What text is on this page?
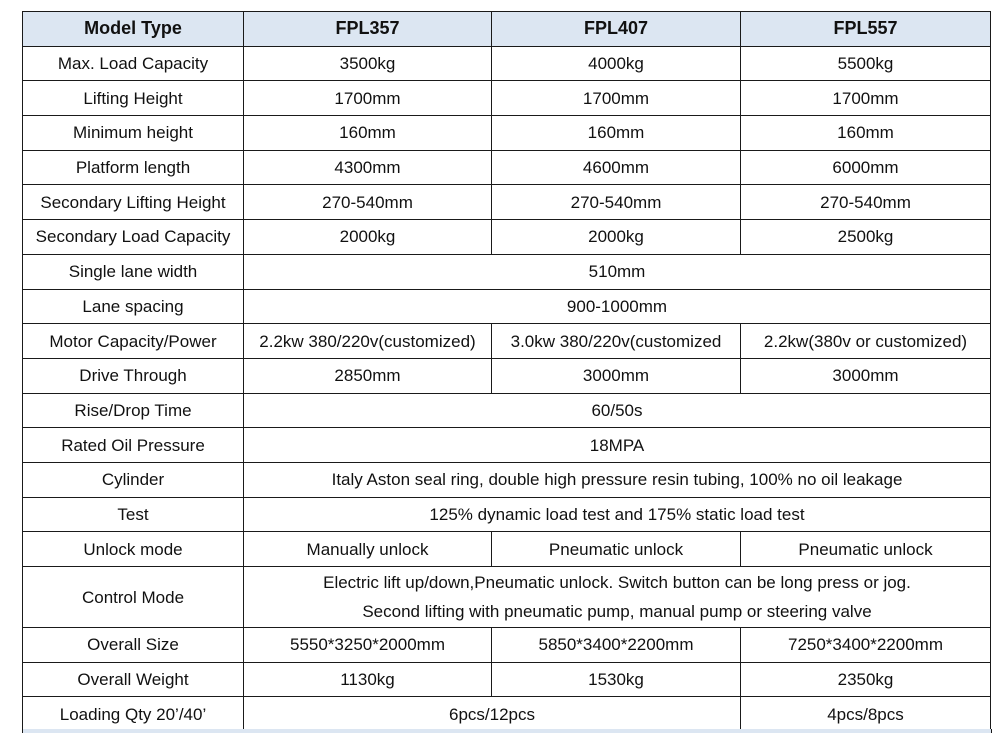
Model Type	FPL357	FPL407	FPL557
Max. Load Capacity	3500kg	4000kg	5500kg
Lifting Height	1700mm	1700mm	1700mm
Minimum height	160mm	160mm	160mm
Platform length	4300mm	4600mm	6000mm
Secondary Lifting Height	270-540mm	270-540mm	270-540mm
Secondary Load Capacity	2000kg	2000kg	2500kg
Single lane width	510mm		
Lane spacing	900-1000mm		
Motor Capacity/Power	2.2kw 380/220v(customized)	3.0kw 380/220v(customized	2.2kw(380v or customized)
Drive Through	2850mm	3000mm	3000mm
Rise/Drop Time	60/50s		
Rated Oil Pressure	18MPA		
Cylinder	Italy Aston seal ring, double high pressure resin tubing, 100% no oil leakage		
Test	125% dynamic load test and 175% static load test		
Unlock mode	Manually unlock	Pneumatic unlock	Pneumatic unlock
Control Mode	Electric lift up/down,Pneumatic unlock. Switch button can be long press or jog.
Second lifting with pneumatic pump, manual pump or steering valve		

Overall Size	5550*3250*2000mm	5850*3400*2200mm	7250*3400*2200mm
Overall Weight	1130kg	1530kg	2350kg
Loading Qty 20’/40’	6pcs/12pcs		4pcs/8pcs
